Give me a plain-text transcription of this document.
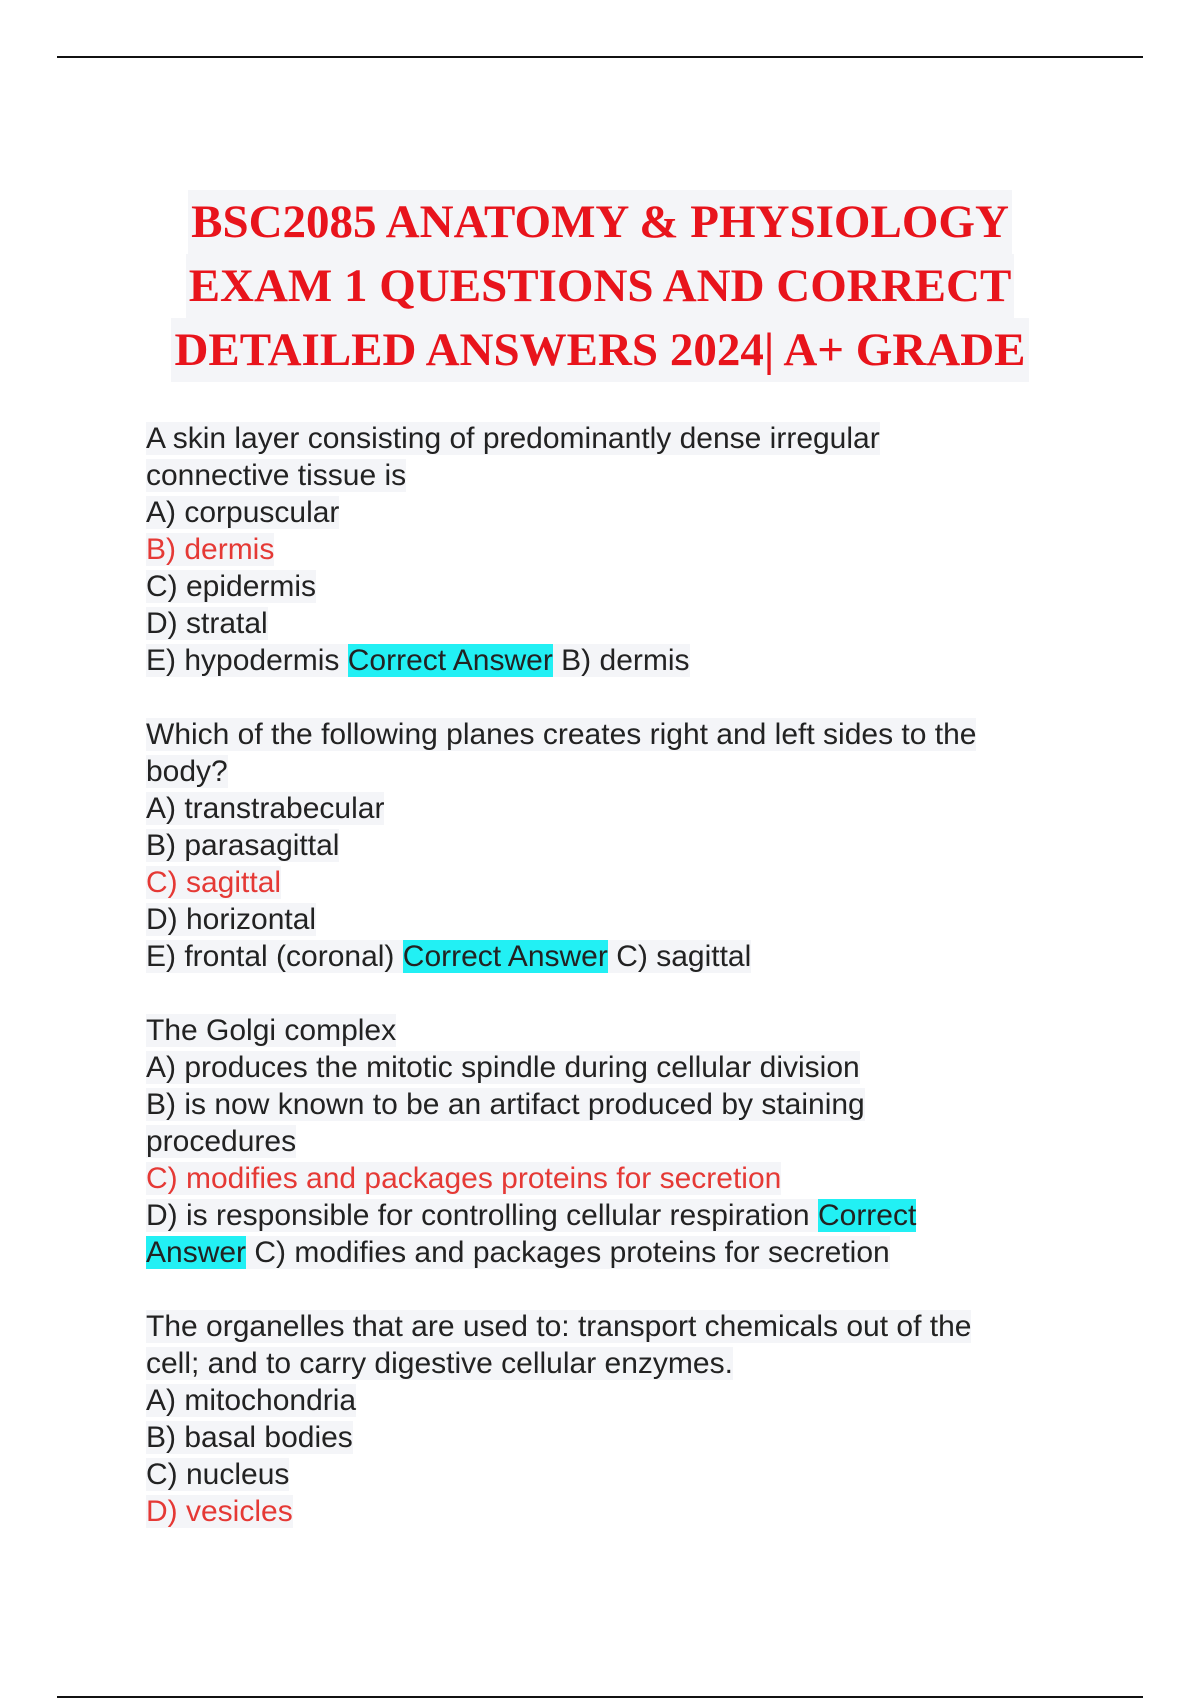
BSC2085 ANATOMY & PHYSIOLOGY
EXAM 1 QUESTIONS AND CORRECT
DETAILED ANSWERS 2024| A+ GRADE
A skin layer consisting of predominantly dense irregular
connective tissue is
A) corpuscular
B) dermis
C) epidermis
D) stratal
E) hypodermis Correct Answer B) dermis
Which of the following planes creates right and left sides to the
body?
A) transtrabecular
B) parasagittal
C) sagittal
D) horizontal
E) frontal (coronal) Correct Answer C) sagittal
The Golgi complex
A) produces the mitotic spindle during cellular division
B) is now known to be an artifact produced by staining
procedures
C) modifies and packages proteins for secretion
D) is responsible for controlling cellular respiration Correct
Answer C) modifies and packages proteins for secretion
The organelles that are used to: transport chemicals out of the
cell; and to carry digestive cellular enzymes.
A) mitochondria
B) basal bodies
C) nucleus
D) vesicles
